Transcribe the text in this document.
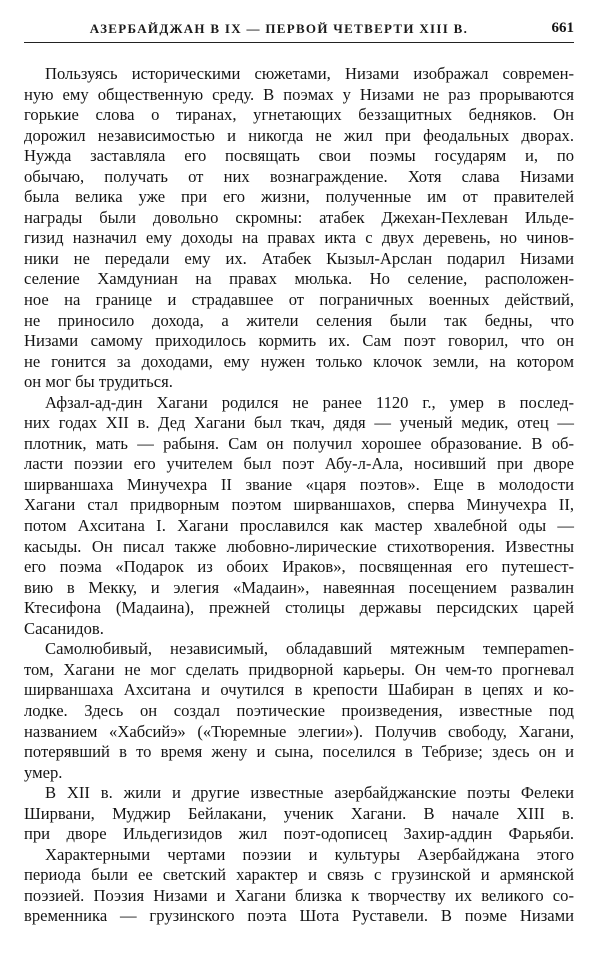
АЗЕРБАЙДЖАН В IX — ПЕРВОЙ ЧЕТВЕРТИ XIII В.	661
Пользуясь историческими сюжетами, Низами изображал современ-
ную ему общественную среду. В поэмах у Низами не раз прорываются
горькие слова о тиранах, угнетающих беззащитных бедняков. Он
дорожил независимостью и никогда не жил при феодальных дворах.
Нужда заставляла его посвящать свои поэмы государям и, по
обычаю, получать от них вознаграждение. Хотя слава Низами
была велика уже при его жизни, полученные им от правителей
награды были довольно скромны: атабек Джехан-Пехлеван Ильде-
гизид назначил ему доходы на правах икта с двух деревень, но чинов-
ники не передали ему их. Атабек Кызыл-Арслан подарил Низами
селение Хамдуниан на правах мюлька. Но селение, расположен-
ное на границе и страдавшее от пограничных военных действий,
не приносило дохода, а жители селения были так бедны, что
Низами самому приходилось кормить их. Сам поэт говорил, что он
не гонится за доходами, ему нужен только клочок земли, на котором
он мог бы трудиться.
Афзал-ад-дин Хагани родился не ранее 1120 г., умер в послед-
них годах XII в. Дед Хагани был ткач, дядя — ученый медик, отец —
плотник, мать — рабыня. Сам он получил хорошее образование. В об-
ласти поэзии его учителем был поэт Абу-л-Ала, носивший при дворе
ширваншаха Минучехра II звание «царя поэтов». Еще в молодости
Хагани стал придворным поэтом ширваншахов, сперва Минучехра II,
потом Ахситана I. Хагани прославился как мастер хвалебной оды —
касыды. Он писал также любовно-лирические стихотворения. Известны
его поэма «Подарок из обоих Ираков», посвященная его путешест-
вию в Мекку, и элегия «Мадаин», навеянная посещением развалин
Ктесифона (Мадаина), прежней столицы державы персидских царей
Сасанидов.
Самолюбивый, независимый, обладавший мятежным темпераmen-
том, Хагани не мог сделать придворной карьеры. Он чем-то прогневал
ширваншаха Ахситана и очутился в крепости Шабиран в цепях и ко-
лодке. Здесь он создал поэтические произведения, известные под
названием «Хабсийэ» («Тюремные элегии»). Получив свободу, Хагани,
потерявший в то время жену и сына, поселился в Тебризе; здесь он и
умер.
В XII в. жили и другие известные азербайджанские поэты Фелеки
Ширвани, Муджир Бейлакани, ученик Хагани. В начале XIII в.
при дворе Ильдегизидов жил поэт-одописец Захир-аддин Фарьяби.
Характерными чертами поэзии и культуры Азербайджана этого
периода были ее светский характер и связь с грузинской и армянской
поэзией. Поэзия Низами и Хагани близка к творчеству их великого со-
временника — грузинского поэта Шота Руставели. В поэме Низами
